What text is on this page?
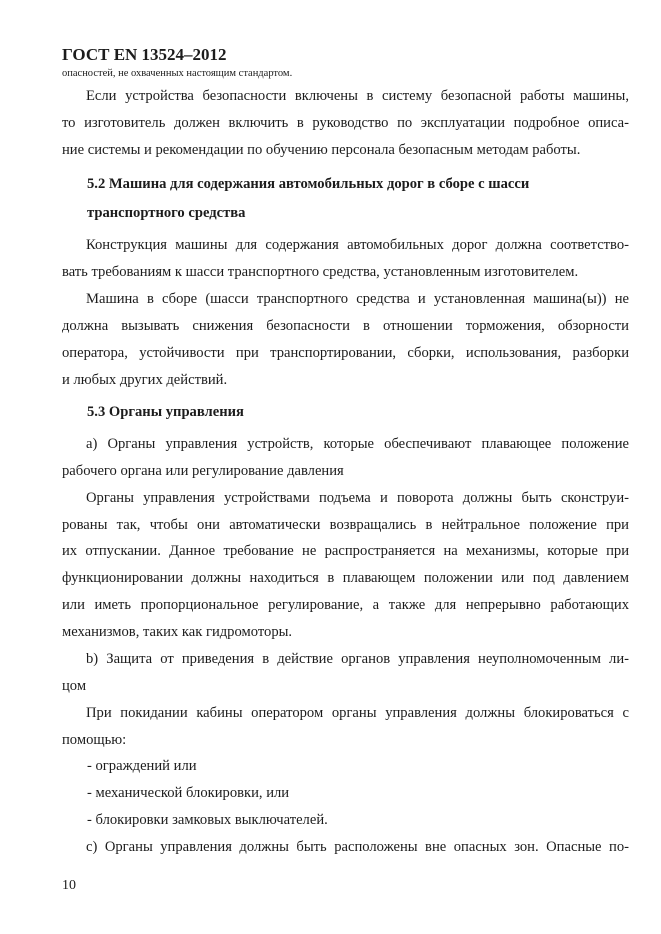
ГОСТ EN 13524–2012
опасностей, не охваченных настоящим стандартом.
Если устройства безопасности включены в систему безопасной работы машины,
то изготовитель должен включить в руководство по эксплуатации подробное описа-
ние системы и рекомендации по обучению персонала безопасным методам работы.
5.2 Машина для содержания автомобильных дорог в сборе с шасси
транспортного средства
Конструкция машины для содержания автомобильных дорог должна соответство-
вать требованиям к шасси транспортного средства, установленным изготовителем.
Машина в сборе (шасси транспортного средства и установленная машина(ы)) не
должна вызывать снижения безопасности в отношении торможения, обзорности
оператора, устойчивости при транспортировании, сборки, использования, разборки
и любых других действий.
5.3 Органы управления
a) Органы управления устройств, которые обеспечивают плавающее положение
рабочего органа или регулирование давления
Органы управления устройствами подъема и поворота должны быть сконструи-
рованы так, чтобы они автоматически возвращались в нейтральное положение при
их отпускании. Данное требование не распространяется на механизмы, которые при
функционировании должны находиться в плавающем положении или под давлением
или иметь пропорциональное регулирование, а также для непрерывно работающих
механизмов, таких как гидромоторы.
b) Защита от приведения в действие органов управления неуполномоченным ли-
цом
При покидании кабины оператором органы управления должны блокироваться с
помощью:
- ограждений или
- механической блокировки, или
- блокировки замковых выключателей.
c) Органы управления должны быть расположены вне опасных зон. Опасные по-
10
